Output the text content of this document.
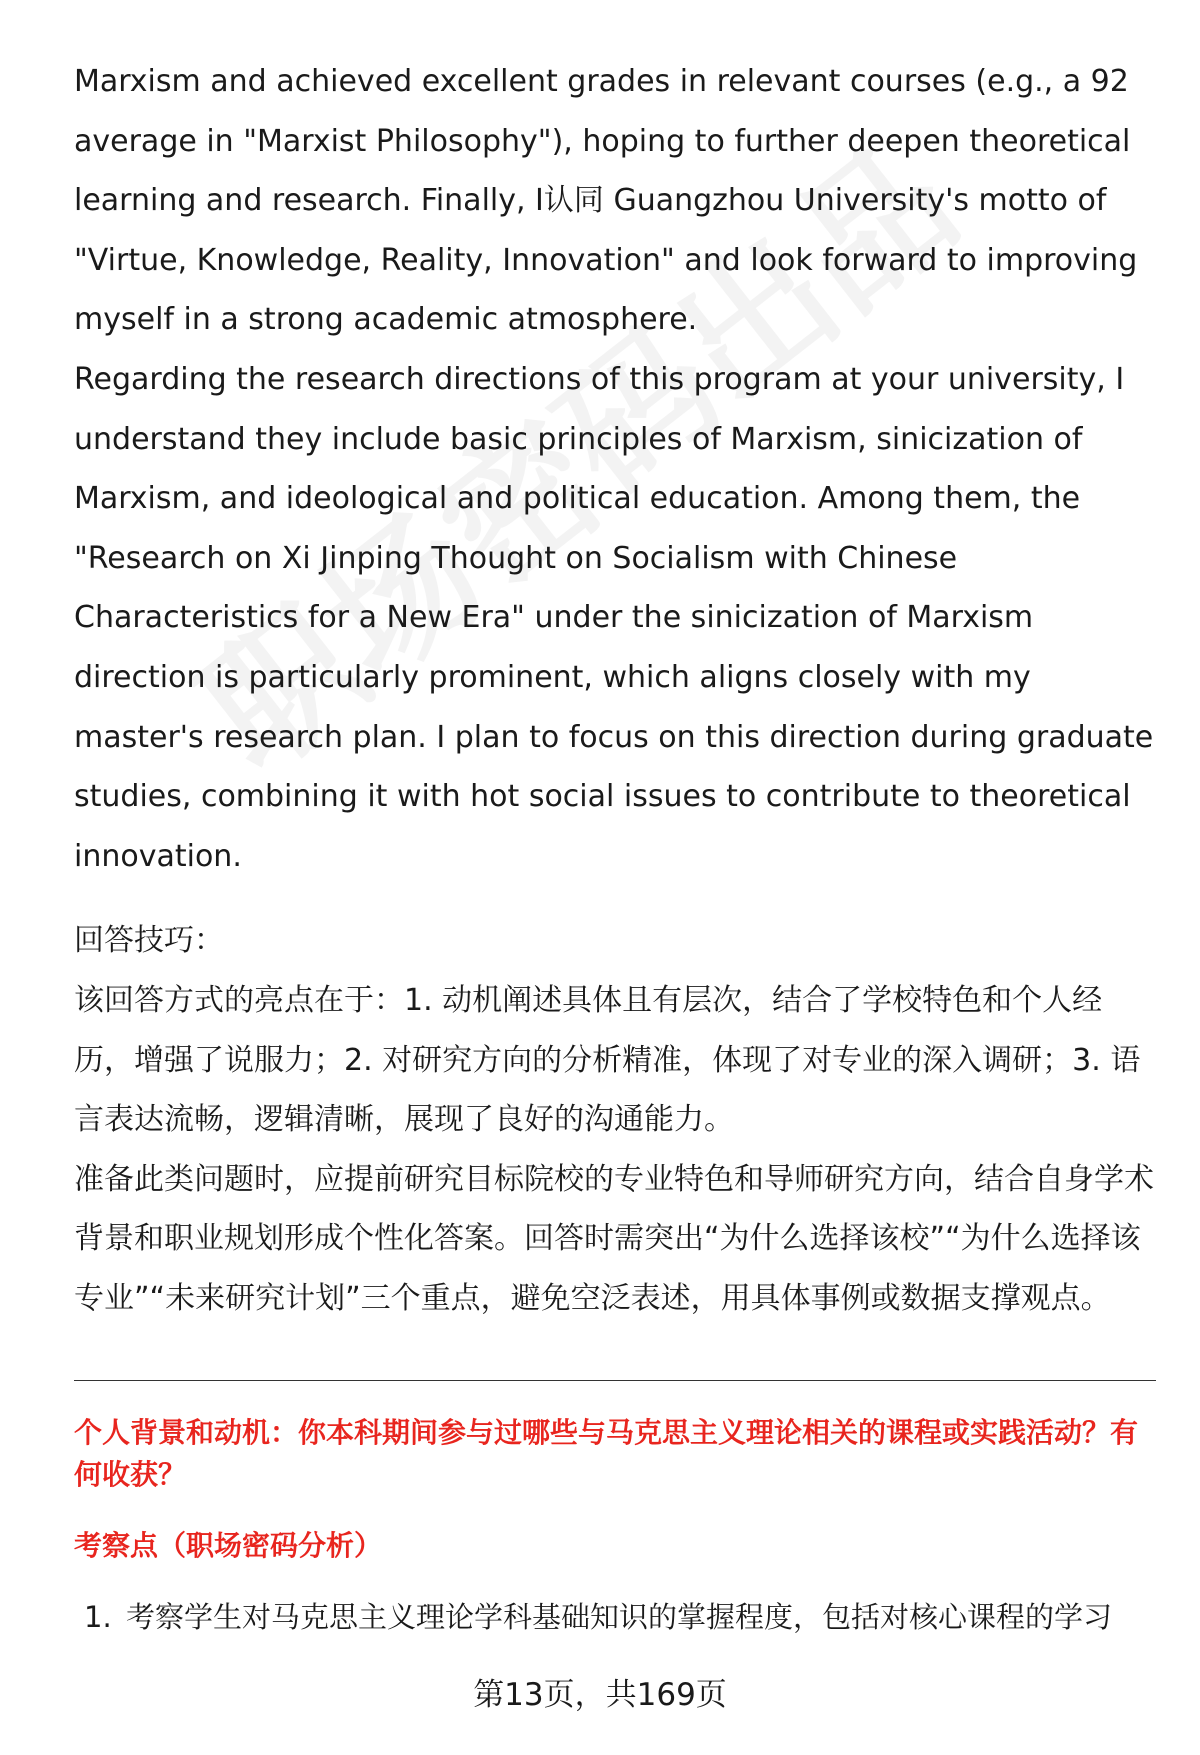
Marxism and achieved excellent grades in relevant courses (e.g., a 92 average in "Marxist Philosophy"), hoping to further deepen theoretical learning and research. Finally, I认同 Guangzhou University's motto of "Virtue, Knowledge, Reality, Innovation" and look forward to improving myself in a strong academic atmosphere.

Regarding the research directions of this program at your university, I understand they include basic principles of Marxism, sinicization of Marxism, and ideological and political education. Among them, the "Research on Xi Jinping Thought on Socialism with Chinese Characteristics for a New Era" under the sinicization of Marxism direction is particularly prominent, which aligns closely with my master's research plan. I plan to focus on this direction during graduate studies, combining it with hot social issues to contribute to theoretical innovation.

回答技巧：

该回答方式的亮点在于：1. 动机阐述具体且有层次，结合了学校特色和个人经历，增强了说服力；2. 对研究方向的分析精准，体现了对专业的深入调研；3. 语言表达流畅，逻辑清晰，展现了良好的沟通能力。

准备此类问题时，应提前研究目标院校的专业特色和导师研究方向，结合自身学术背景和职业规划形成个性化答案。回答时需突出“为什么选择该校”“为什么选择该专业”“未来研究计划”三个重点，避免空泛表述，用具体事例或数据支撑观点。

个人背景和动机：你本科期间参与过哪些与马克思主义理论相关的课程或实践活动？有何收获？

考察点（职场密码分析）

1. 考察学生对马克思主义理论学科基础知识的掌握程度，包括对核心课程的学习
第13页，共169页
